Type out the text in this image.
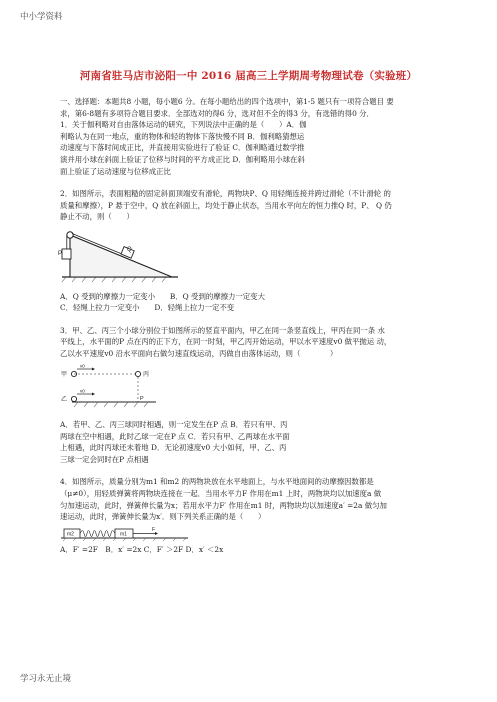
中小学资料
河南省驻马店市泌阳一中 2016 届高三上学期周考物理试卷（实验班）

一、选择题：本题共8 小题，每小题6 分。在每小题给出的四个选项中，第1-5 题只有一项符合题目 要

求，第6-8题有多项符合题目要求．全部选对的得6 分，选对但不全的得3 分，有选错的得0 分．

1．关于伽利略对自由落体运动的研究，下列说法中正确的是（　　）A．伽

利略认为在同一地点，重的物体和轻的物体下落快慢不同 B．伽利略猜想运

动速度与下落时间成正比，并直接用实验进行了验证 C．伽利略通过数学推

演并用小球在斜面上验证了位移与时间的平方成正比 D．伽利略用小球在斜

面上验证了运动速度与位移成正比

2．如图所示，表面粗糙的固定斜面顶端安有滑轮，两物块P、Q 用轻绳连接并跨过滑轮（不计滑轮 的

质量和摩擦），P 悬于空中，Q 放在斜面上，均处于静止状态，当用水平向左的恒力推Q 时，P、 Q 仍

静止不动，则（　　）

P
Q

A．Q 受到的摩擦力一定变小　　B．Q 受到的摩擦力一定变大

C．轻绳上拉力一定变小　　D．轻绳上拉力一定不变

3．甲、乙、丙三个小球分别位于如图所示的竖直平面内，甲乙在同一条竖直线上，甲丙在同一条 水

平线上，水平面的P 点在丙的正下方，在同一时刻，甲乙丙开始运动，甲以水平速度v0 做平抛运 动，

乙以水平速度v0 沿水平面向右做匀速直线运动，丙做自由落体运动，则（　　　　）

甲
乙
丙
P
v0
v0

A．若甲、乙、丙三球同时相遇，则一定发生在P 点 B．若只有甲、丙

两球在空中相遇，此时乙球一定在P 点 C．若只有甲、乙两球在水平面

上相遇，此时丙球还未着地 D．无论初速度v0 大小如何，甲、乙、丙

三球一定会同时在P 点相遇

4．如图所示，质量分别为m1 和m2 的两物块放在水平地面上，与水平地面间的动摩擦因数都是

（μ≠0），用轻质弹簧将两物块连接在一起．当用水平力F 作用在m1 上时，两物块均以加速度a 做

匀加速运动，此时，弹簧伸长量为x；若用水平力F′ 作用在m1 时，两物块均以加速度a′ =2a 做匀加

速运动，此时，弹簧伸长量为x′．则下列关系正确的是（　　）

m2	m1
F

A．F′ =2F　B．x′ =2x C．F′ ＞2F D．x′ ＜2x

学习永无止境
